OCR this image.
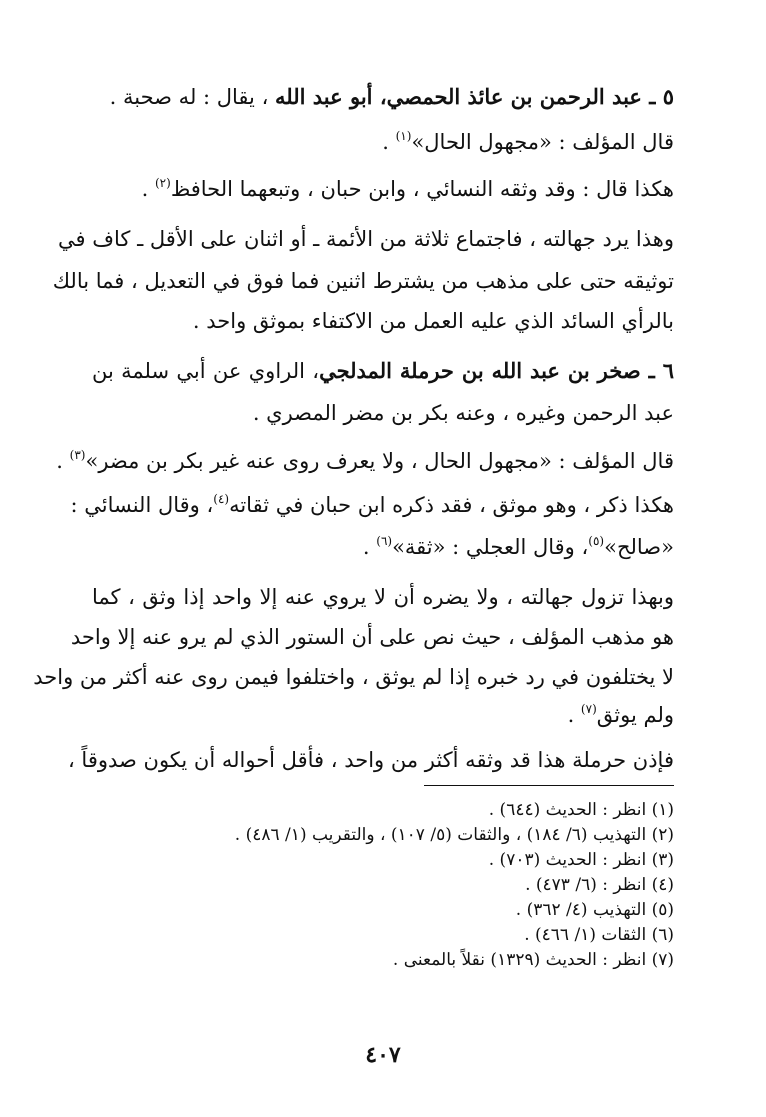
٥ ـ عبد الرحمن بن عائذ الحمصي، أبو عبد الله ، يقال : له صحبة .
قال المؤلف : «مجهول الحال»$^{(١)}$ .
هكذا قال : وقد وثقه النسائي ، وابن حبان ، وتبعهما الحافظ$^{(٢)}$ .
وهذا يرد جهالته ، فاجتماع ثلاثة من الأئمة ـ أو اثنان على الأقل ـ كاف في
توثيقه حتى على مذهب من يشترط اثنين فما فوق في التعديل ، فما بالك
بالرأي السائد الذي عليه العمل من الاكتفاء بموثق واحد .
٦ ـ صخر بن عبد الله بن حرملة المدلجي، الراوي عن أبي سلمة بن
عبد الرحمن وغيره ، وعنه بكر بن مضر المصري .
قال المؤلف : «مجهول الحال ، ولا يعرف روى عنه غير بكر بن مضر»$^{(٣)}$ .
هكذا ذكر ، وهو موثق ، فقد ذكره ابن حبان في ثقاته$^{(٤)}$، وقال النسائي :
«صالح»$^{(٥)}$، وقال العجلي : «ثقة»$^{(٦)}$ .
وبهذا تزول جهالته ، ولا يضره أن لا يروي عنه إلا واحد إذا وثق ، كما
هو مذهب المؤلف ، حيث نص على أن الستور الذي لم يرو عنه إلا واحد
لا يختلفون في رد خبره إذا لم يوثق ، واختلفوا فيمن روى عنه أكثر من واحد
ولم يوثق$^{(٧)}$ .
فإذن حرملة هذا قد وثقه أكثر من واحد ، فأقل أحواله أن يكون صدوقاً ،
(١) انظر : الحديث (٦٤٤) .
(٢) التهذيب (٦/ ١٨٤) ، والثقات (٥/ ١٠٧) ، والتقريب (١/ ٤٨٦) .
(٣) انظر : الحديث (٧٠٣) .
(٤) انظر : (٦/ ٤٧٣) .
(٥) التهذيب (٤/ ٣٦٢) .
(٦) الثقات (١/ ٤٦٦) .
(٧) انظر : الحديث (١٣٢٩) نقلاً بالمعنى .
٤٠٧
